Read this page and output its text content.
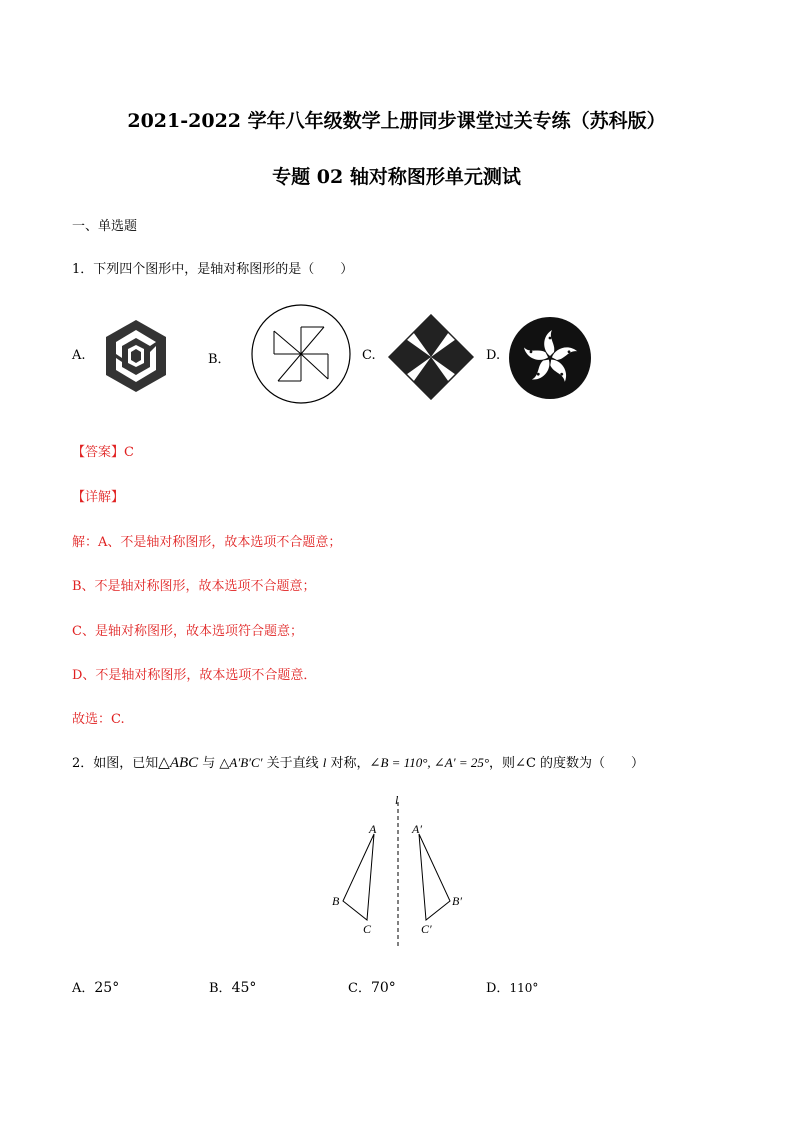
2021-2022 学年八年级数学上册同步课堂过关专练（苏科版）
专题 02 轴对称图形单元测试
一、单选题
1．下列四个图形中，是轴对称图形的是（　　）
A.	B．	C.	D.
【答案】C
【详解】
解：A、不是轴对称图形，故本选项不合题意；
B、不是轴对称图形，故本选项不合题意；
C、是轴对称图形，故本选项符合题意；
D、不是轴对称图形，故本选项不合题意．
故选：C.
2．如图，已知△ABC 与 △A′B′C′ 关于直线 l 对称，∠B = 110°, ∠A′ = 25°，则∠C 的度数为（　　）
l
A
B
C
A′
B′
C′
A．25°	B．45°	C．70°	D．110°
